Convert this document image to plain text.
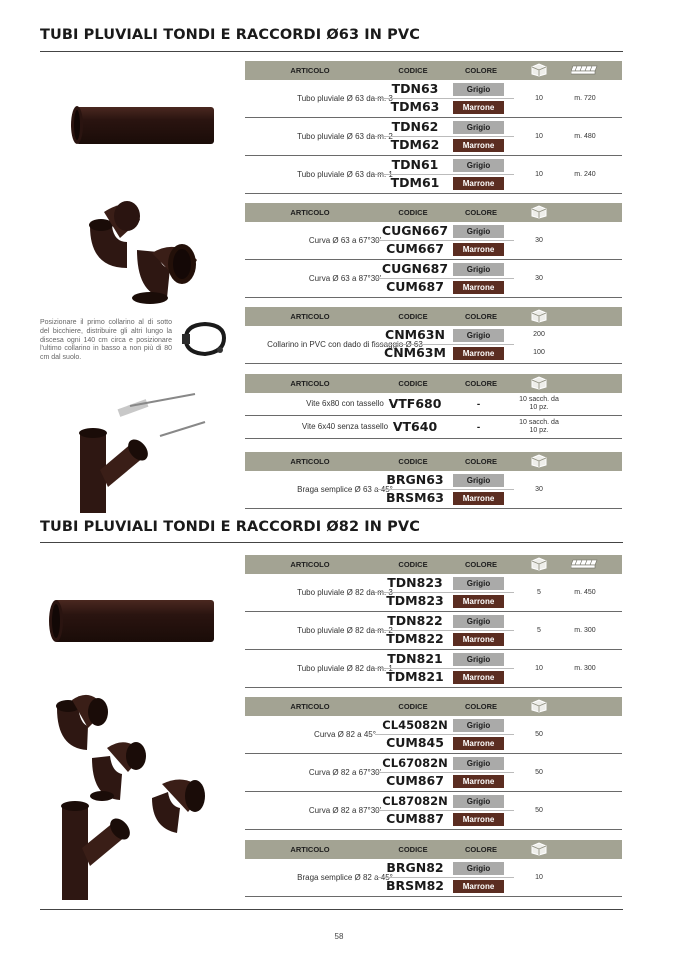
TUBI PLUVIALI TONDI E RACCORDI Ø63 IN PVC
ARTICOLO	CODICE	COLORE
Tubo pluviale Ø 63 da m. 3
TDN63	Grigio
TDM63	Marrone
10	m. 720
Tubo pluviale Ø 63 da m. 2
TDN62	Grigio
TDM62	Marrone
10	m. 480
Tubo pluviale Ø 63 da m. 1
TDN61	Grigio
TDM61	Marrone
10	m. 240
ARTICOLO	CODICE	COLORE
Curva Ø 63 a 67°30'
CUGN667	Grigio
CUM667	Marrone
30
Curva Ø 63 a 87°30'
CUGN687	Grigio
CUM687	Marrone
30
ARTICOLO	CODICE	COLORE
Collarino in PVC con dado di fissaggio Ø 63
CNM63N	Grigio	200
CNM63M	Marrone	100
ARTICOLO	CODICE	COLORE
Vite 6x80 con tassello VTF680	-	10 sacch. da 10 pz.
Vite 6x40 senza tassello VT640	-	10 sacch. da 10 pz.
ARTICOLO	CODICE	COLORE
Braga semplice Ø 63 a 45°
BRGN63	Grigio
BRSM63	Marrone
30
TUBI PLUVIALI TONDI E RACCORDI Ø82 IN PVC
ARTICOLO	CODICE	COLORE
Tubo pluviale Ø 82 da m. 3
TDN823	Grigio
TDM823	Marrone
5	m. 450
Tubo pluviale Ø 82 da m. 2
TDN822	Grigio
TDM822	Marrone
5	m. 300
Tubo pluviale Ø 82 da m. 1
TDN821	Grigio
TDM821	Marrone
10	m. 300
ARTICOLO	CODICE	COLORE
Curva Ø 82 a 45°
CL45082N	Grigio
CUM845	Marrone
50
Curva Ø 82 a 67°30'
CL67082N	Grigio
CUM867	Marrone
50
Curva Ø 82 a 87°30'
CL87082N	Grigio
CUM887	Marrone
50
ARTICOLO	CODICE	COLORE
Braga semplice Ø 82 a 45°
BRGN82	Grigio
BRSM82	Marrone
10
Posizionare il primo collarino al di sotto del bicchiere, distribuire gli altri lungo la discesa ogni 140 cm circa e posizionare l'ultimo collarino in basso a non più di 80 cm dal suolo.
58
